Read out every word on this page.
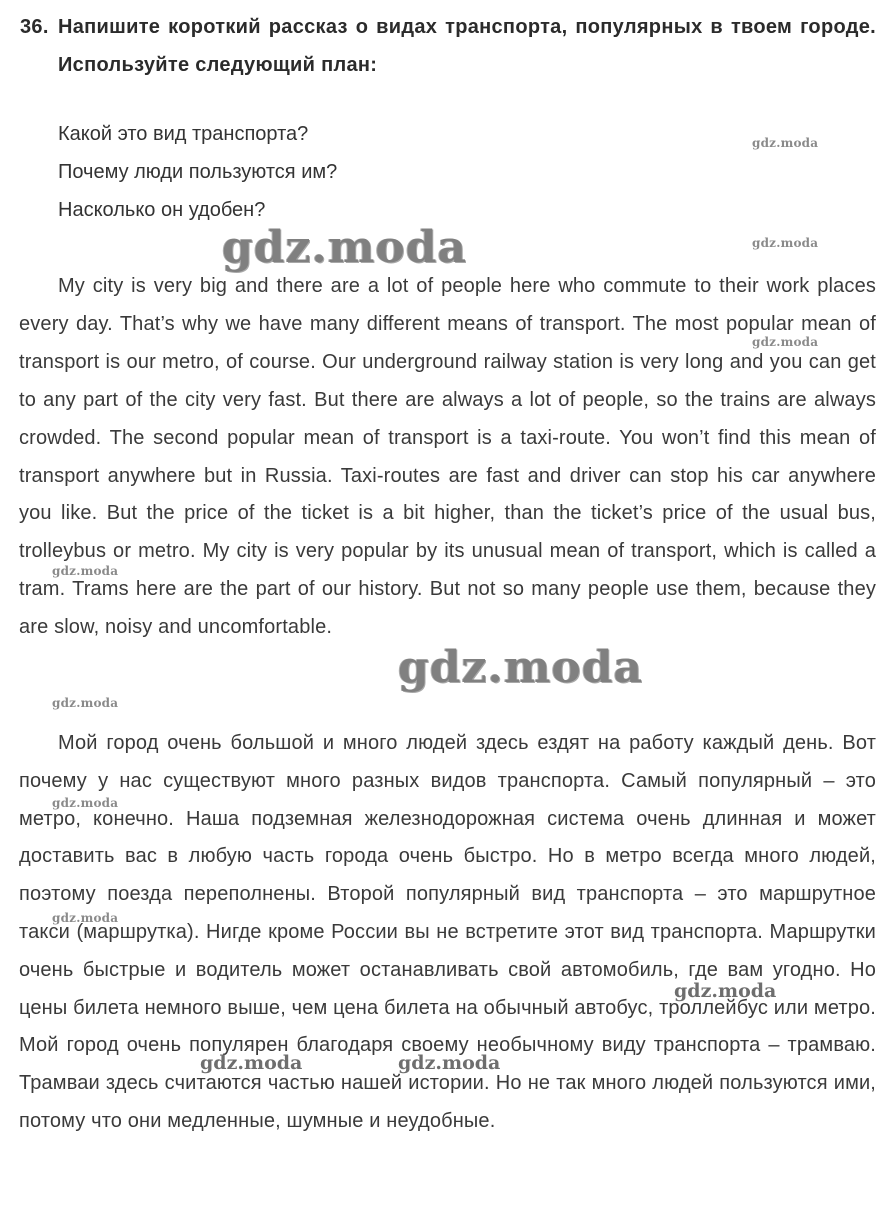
36. Напишите короткий рассказ о видах транспорта, популярных в твоем городе. Используйте следующий план:
Какой это вид транспорта?
Почему люди пользуются им?
Насколько он удобен?

My city is very big and there are a lot of people here who commute to their work places every day. That’s why we have many different means of transport. The most popular mean of transport is our metro, of course. Our underground railway station is very long and you can get to any part of the city very fast. But there are always a lot of people, so the trains are always crowded. The second popular mean of transport is a taxi-route. You won’t find this mean of transport anywhere but in Russia. Taxi-routes are fast and driver can stop his car anywhere you like. But the price of the ticket is a bit higher, than the ticket’s price of the usual bus, trolleybus or metro. My city is very popular by its unusual mean of transport, which is called a tram. Trams here are the part of our history. But not so many people use them, because they are slow, noisy and uncomfortable.

Мой город очень большой и много людей здесь ездят на работу каждый день. Вот почему у нас существуют много разных видов транспорта. Самый популярный – это метро, конечно. Наша подземная железнодорожная система очень длинная и может доставить вас в любую часть города очень быстро. Но в метро всегда много людей, поэтому поезда переполнены. Второй популярный вид транспорта – это маршрутное такси (маршрутка). Нигде кроме России вы не встретите этот вид транспорта. Маршрутки очень быстрые и водитель может останавливать свой автомобиль, где вам угодно. Но цены билета немного выше, чем цена билета на обычный автобус, троллейбус или метро. Мой город очень популярен благодаря своему необычному виду транспорта – трамваю. Трамваи здесь считаются частью нашей истории. Но не так много людей пользуются ими, потому что они медленные, шумные и неудобные.

gdz.moda
gdz.moda
gdz.moda
gdz.moda
gdz.moda
gdz.moda
gdz.moda
gdz.moda
gdz.moda
gdz.moda
gdz.moda
gdz.moda
